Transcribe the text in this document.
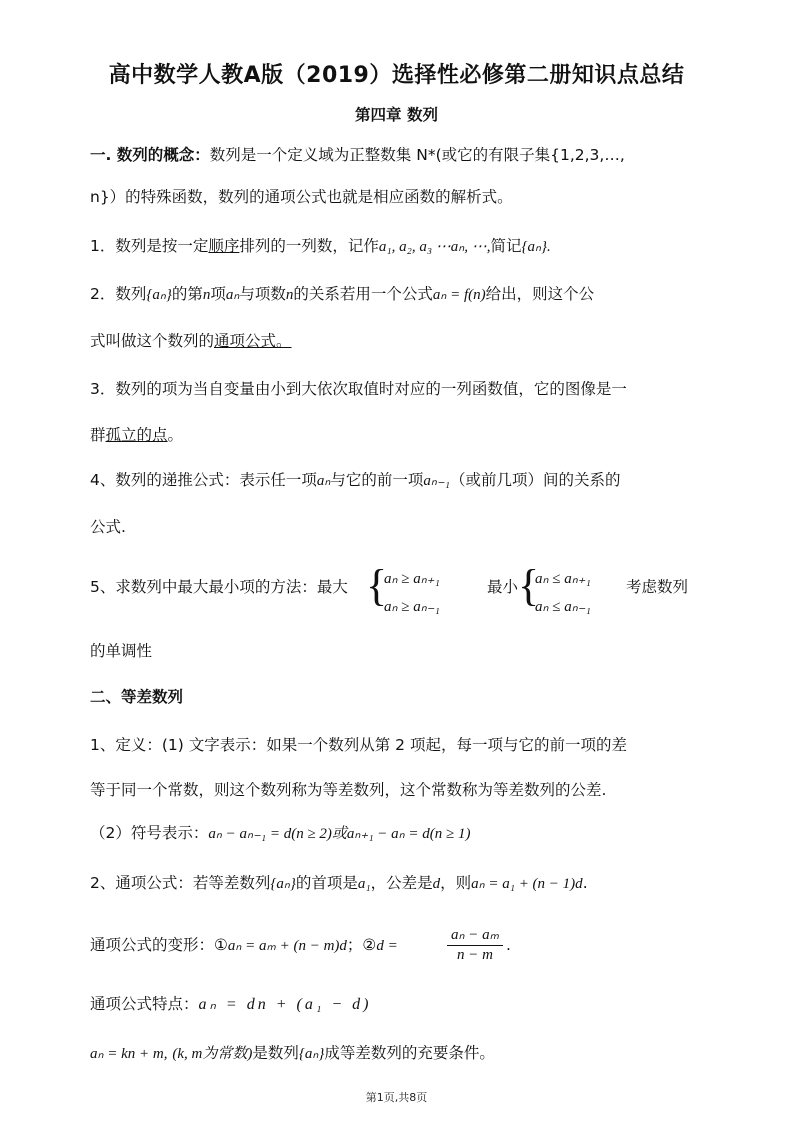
高中数学人教A版（2019）选择性必修第二册知识点总结
第四章 数列
一. 数列的概念：数列是一个定义域为正整数集 N*(或它的有限子集{1,2,3,…,
n}）的特殊函数，数列的通项公式也就是相应函数的解析式。
1．数列是按一定顺序排列的一列数，记作a₁, a₂, a₃ ⋯aₙ, ⋯,简记{aₙ}.
2．数列{aₙ}的第n项aₙ与项数n的关系若用一个公式aₙ = f(n)给出，则这个公
式叫做这个数列的通项公式。
3．数列的项为当自变量由小到大依次取值时对应的一列函数值，它的图像是一
群孤立的点。
4、数列的递推公式：表示任一项aₙ与它的前一项aₙ₋₁（或前几项）间的关系的
公式.
5、求数列中最大最小项的方法：最大 {
aₙ ≥ aₙ₊₁
aₙ ≥ aₙ₋₁
最小 {
aₙ ≤ aₙ₊₁
aₙ ≤ aₙ₋₁
考虑数列
的单调性
二、等差数列
1、定义：(1) 文字表示：如果一个数列从第 2 项起，每一项与它的前一项的差
等于同一个常数，则这个数列称为等差数列，这个常数称为等差数列的公差.
（2）符号表示：aₙ − aₙ₋₁ = d(n ≥ 2)或aₙ₊₁ − aₙ = d(n ≥ 1)
2、通项公式：若等差数列{aₙ}的首项是a₁，公差是d，则aₙ = a₁ + (n − 1)d.
通项公式的变形：①aₙ = aₘ + (n − m)d；②d =
aₙ − aₘ
n − m
.
通项公式特点：aₙ = dn + (a₁ − d)
aₙ = kn + m, (k, m为常数)是数列{aₙ}成等差数列的充要条件。
第1页,共8页
